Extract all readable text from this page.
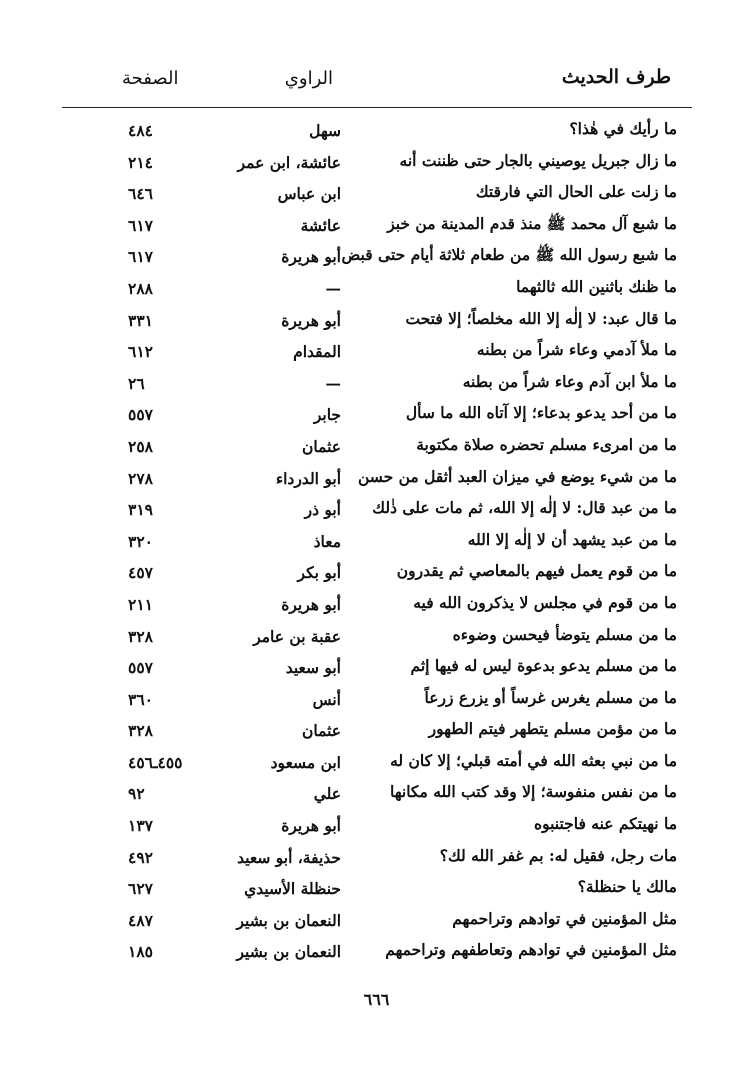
طرف الحديث
الراوي
الصفحة
ما رأيك في هٰذا؟
سهل
٤٨٤
ما زال جبريل يوصيني بالجار حتى ظننت أنه
عائشة، ابن عمر
٢١٤
ما زلت على الحال التي فارقتك
ابن عباس
٦٤٦
ما شبع آل محمد ﷺ منذ قدم المدينة من خبز
عائشة
٦١٧
ما شبع رسول الله ﷺ من طعام ثلاثة أيام حتى قبض
أبو هريرة
٦١٧
ما ظنك باثنين الله ثالثهما
—
٢٨٨
ما قال عبد: لا إلٰه إلا الله مخلصاً؛ إلا فتحت
أبو هريرة
٣٣١
ما ملأ آدمي وعاء شراً من بطنه
المقدام
٦١٢
ما ملأ ابن آدم وعاء شراً من بطنه
—
٢٦
ما من أحد يدعو بدعاء؛ إلا آتاه الله ما سأل
جابر
٥٥٧
ما من امرىء مسلم تحضره صلاة مكتوبة
عثمان
٢٥٨
ما من شيء يوضع في ميزان العبد أثقل من حسن
أبو الدرداء
٢٧٨
ما من عبد قال: لا إلٰه إلا الله، ثم مات على ذٰلك
أبو ذر
٣١٩
ما من عبد يشهد أن لا إلٰه إلا الله
معاذ
٣٢٠
ما من قوم يعمل فيهم بالمعاصي ثم يقدرون
أبو بكر
٤٥٧
ما من قوم في مجلس لا يذكرون الله فيه
أبو هريرة
٢١١
ما من مسلم يتوضأ فيحسن وضوءه
عقبة بن عامر
٣٢٨
ما من مسلم يدعو بدعوة ليس له فيها إثم
أبو سعيد
٥٥٧
ما من مسلم يغرس غرساً أو يزرع زرعاً
أنس
٣٦٠
ما من مؤمن مسلم يتطهر فيتم الطهور
عثمان
٣٢٨
ما من نبي بعثه الله في أمته قبلي؛ إلا كان له
ابن مسعود
٤٥٥ـ٤٥٦
ما من نفس منفوسة؛ إلا وقد كتب الله مكانها
علي
٩٢
ما نهيتكم عنه فاجتنبوه
أبو هريرة
١٣٧
مات رجل، فقيل له: بم غفر الله لك؟
حذيفة، أبو سعيد
٤٩٢
مالك يا حنظلة؟
حنظلة الأسيدي
٦٢٧
مثل المؤمنين في توادهم وتراحمهم
النعمان بن بشير
٤٨٧
مثل المؤمنين في توادهم وتعاطفهم وتراحمهم
النعمان بن بشير
١٨٥
٦٦٦
